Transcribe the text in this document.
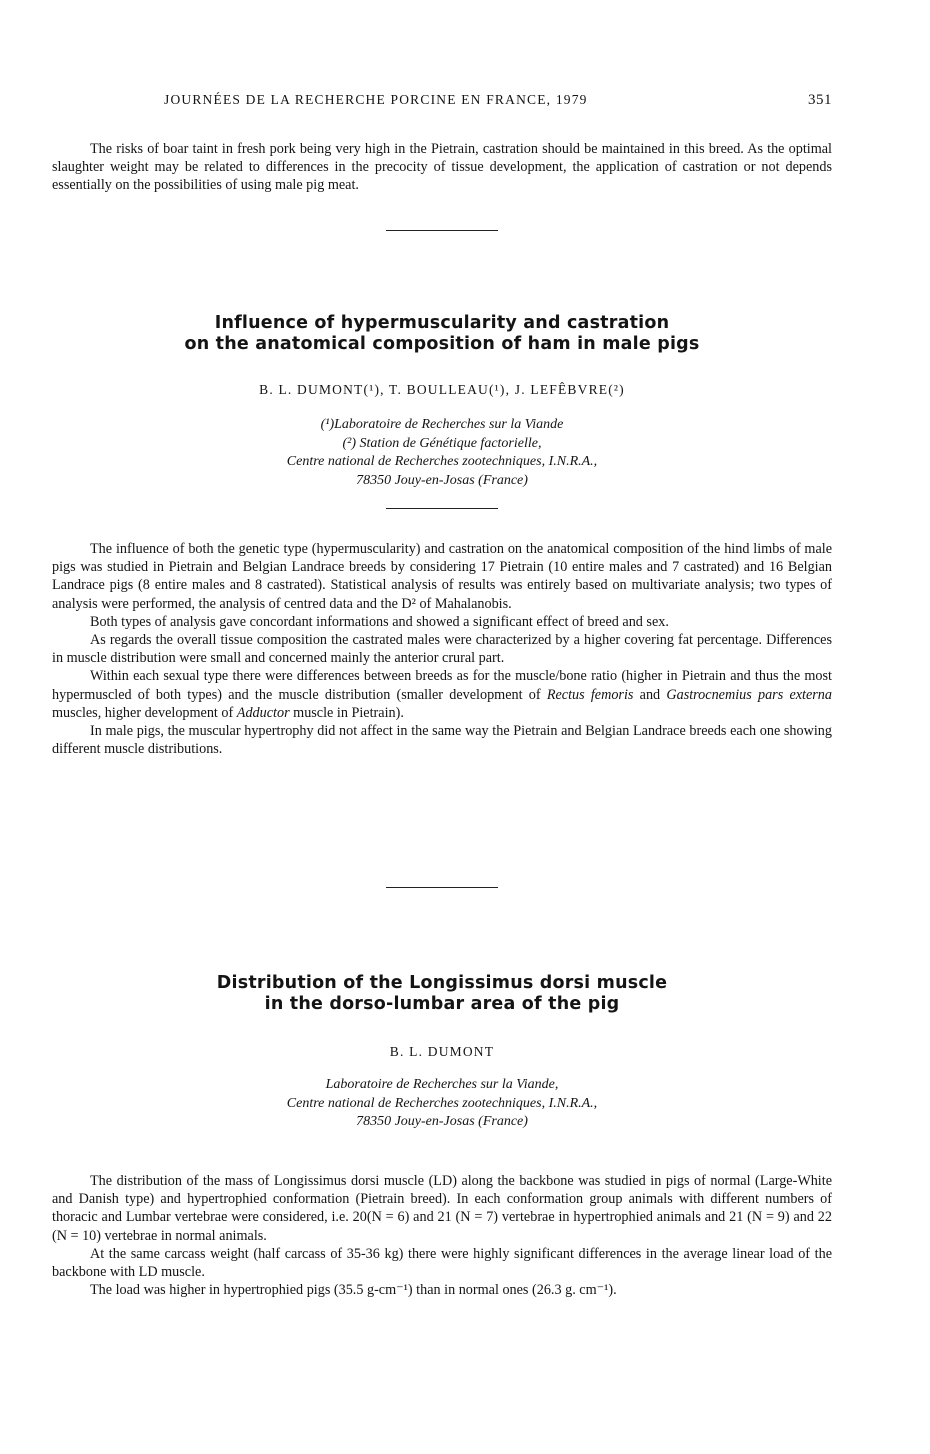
JOURNÉES DE LA RECHERCHE PORCINE EN FRANCE, 1979	351

The risks of boar taint in fresh pork being very high in the Pietrain, castration should be maintained in this breed. As the optimal slaughter weight may be related to differences in the precocity of tissue development, the application of castration or not depends essentially on the possibilities of using male pig meat.

Influence of hypermuscularity and castration
on the anatomical composition of ham in male pigs
B. L. DUMONT(¹), T. BOULLEAU(¹), J. LEFÊBVRE(²)
(¹)Laboratoire de Recherches sur la Viande
(²) Station de Génétique factorielle,
Centre national de Recherches zootechniques, I.N.R.A.,
78350 Jouy-en-Josas (France)

The influence of both the genetic type (hypermuscularity) and castration on the anatomical composition of the hind limbs of male pigs was studied in Pietrain and Belgian Landrace breeds by considering 17 Pietrain (10 entire males and 7 castrated) and 16 Belgian Landrace pigs (8 entire males and 8 castrated). Statistical analysis of results was entirely based on multivariate analysis; two types of analysis were performed, the analysis of centred data and the D² of Mahalanobis.

Both types of analysis gave concordant informations and showed a significant effect of breed and sex.

As regards the overall tissue composition the castrated males were characterized by a higher covering fat percentage. Differences in muscle distribution were small and concerned mainly the anterior crural part.

Within each sexual type there were differences between breeds as for the muscle/bone ratio (higher in Pietrain and thus the most hypermuscled of both types) and the muscle distribution (smaller development of Rectus femoris and Gastrocnemius pars externa muscles, higher development of Adductor muscle in Pietrain).

In male pigs, the muscular hypertrophy did not affect in the same way the Pietrain and Belgian Landrace breeds each one showing different muscle distributions.

Distribution of the Longissimus dorsi muscle
in the dorso-lumbar area of the pig
B. L. DUMONT
Laboratoire de Recherches sur la Viande,
Centre national de Recherches zootechniques, I.N.R.A.,
78350 Jouy-en-Josas (France)

The distribution of the mass of Longissimus dorsi muscle (LD) along the backbone was studied in pigs of normal (Large-White and Danish type) and hypertrophied conformation (Pietrain breed). In each conformation group animals with different numbers of thoracic and Lumbar vertebrae were considered, i.e. 20(N = 6) and 21 (N = 7) vertebrae in hypertrophied animals and 21 (N = 9) and 22 (N = 10) vertebrae in normal animals.

At the same carcass weight (half carcass of 35-36 kg) there were highly significant differences in the average linear load of the backbone with LD muscle.

The load was higher in hypertrophied pigs (35.5 g-cm⁻¹) than in normal ones (26.3 g. cm⁻¹).
